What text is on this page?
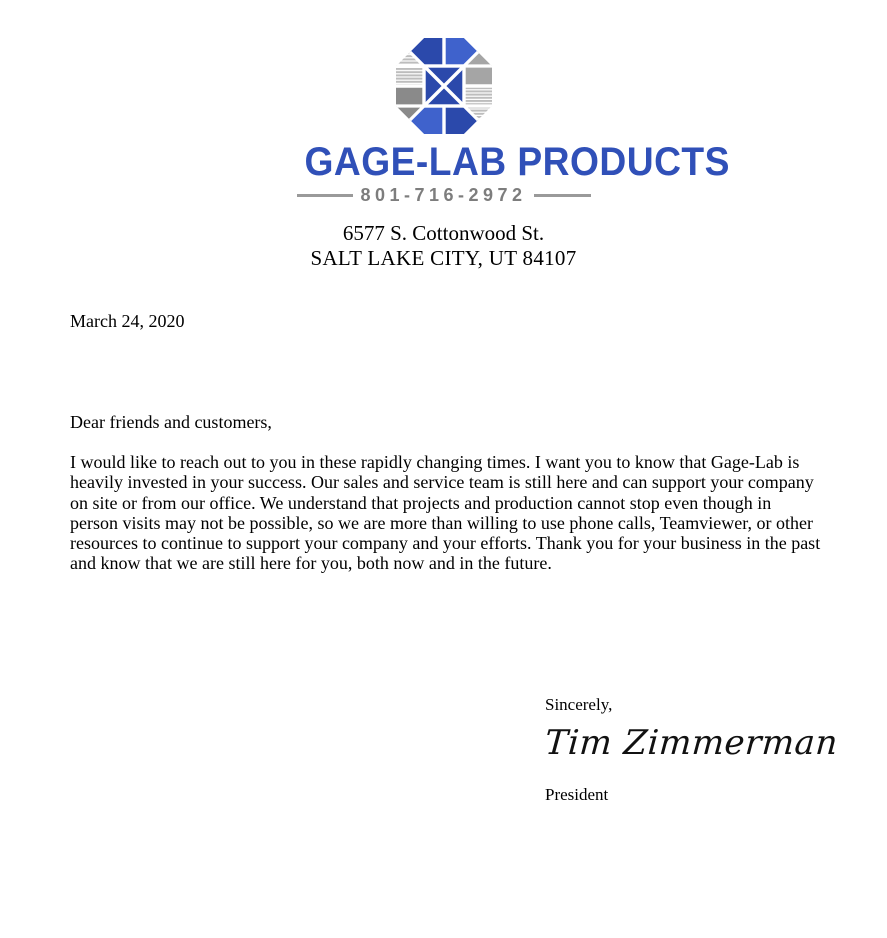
GAGE-LAB PRODUCTS
801-716-2972
6577 S. Cottonwood St.
SALT LAKE CITY, UT 84107
March 24, 2020
Dear friends and customers,
I would like to reach out to you in these rapidly changing times. I want you to know that Gage-Lab is
heavily invested in your success. Our sales and service team is still here and can support your company
on site or from our office. We understand that projects and production cannot stop even though in
person visits may not be possible, so we are more than willing to use phone calls, Teamviewer, or other
resources to continue to support your company and your efforts. Thank you for your business in the past
and know that we are still here for you, both now and in the future.
Sincerely,
Tim Zimmerman
President
